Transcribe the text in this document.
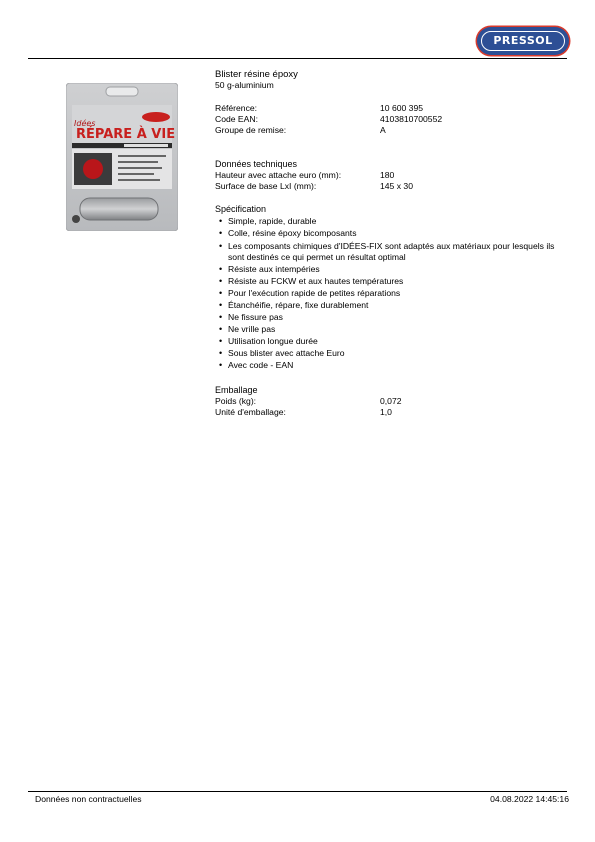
PRESSOL
Idées
RÉPARE À VIE
Blister résine époxy
50 g-aluminium
Référence:	10 600 395
Code EAN:	4103810700552
Groupe de remise:	A
Données techniques
Hauteur avec attache euro (mm):	180
Surface de base LxI (mm):	145 x 30
Spécification
• Simple, rapide, durable
• Colle, résine époxy bicomposants
• Les composants chimiques d'IDÉES-FIX sont adaptés aux matériaux pour lesquels ils sont destinés ce qui permet un résultat optimal
• Résiste aux intempéries
• Résiste au FCKW et aux hautes températures
• Pour l'exécution rapide de petites réparations
• Étanchéifie, répare, fixe durablement
• Ne fissure pas
• Ne vrille pas
• Utilisation longue durée
• Sous blister avec attache Euro
• Avec code - EAN
Emballage
Poids (kg):	0,072
Unité d'emballage:	1,0
Données non contractuelles	04.08.2022 14:45:16
